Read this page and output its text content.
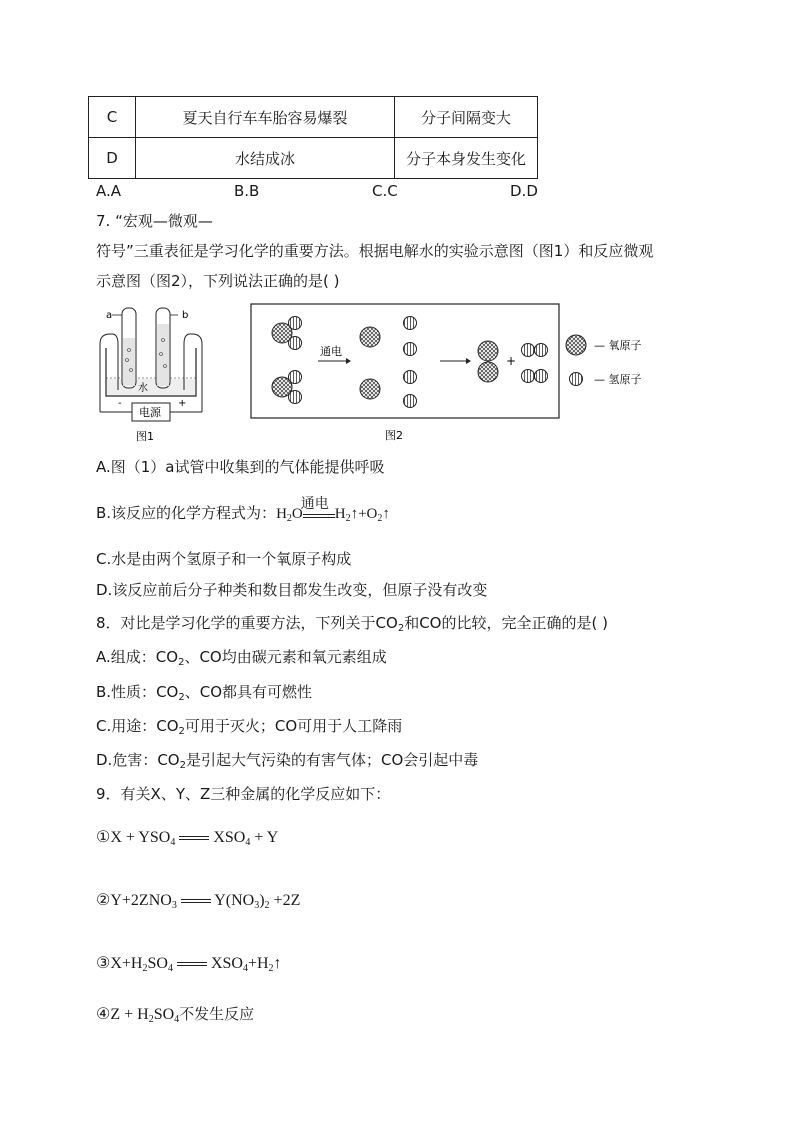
C	夏天自行车车胎容易爆裂	分子间隔变大
D	水结成冰	分子本身发生变化
A.A	B.B	C.C	D.D
7. “宏观—微观—
符号”三重表征是学习化学的重要方法。根据电解水的实验示意图（图1）和反应微观
示意图（图2），下列说法正确的是( )
a	b
水
-	+
电源
图1
通电
+
— 氧原子
— 氢原子
图2
A.图（1）a试管中收集到的气体能提供呼吸
B.该反应的化学方程式为：$H_2O$
通电
$H_2↑+O_2↑$
C.水是由两个氢原子和一个氧原子构成
D.该反应前后分子种类和数目都发生改变，但原子没有改变
8．对比是学习化学的重要方法，下列关于$CO_2$和CO的比较，完全正确的是( )
A.组成：$CO_2$、CO均由碳元素和氧元素组成
B.性质：$CO_2$、CO都具有可燃性
C.用途：$CO_2$可用于灭火；CO可用于人工降雨
D.危害：$CO_2$是引起大气污染的有害气体；CO会引起中毒
9．有关X、Y、Z三种金属的化学反应如下：
①X + $YSO_4$  $XSO_4 + Y$
$②Y+2ZNO_3$  $Y(NO_3)_2 +2Z$
$③X+H_2SO_4$  $XSO_4+H_2↑$
④Z + $H_2SO_4$不发生反应
